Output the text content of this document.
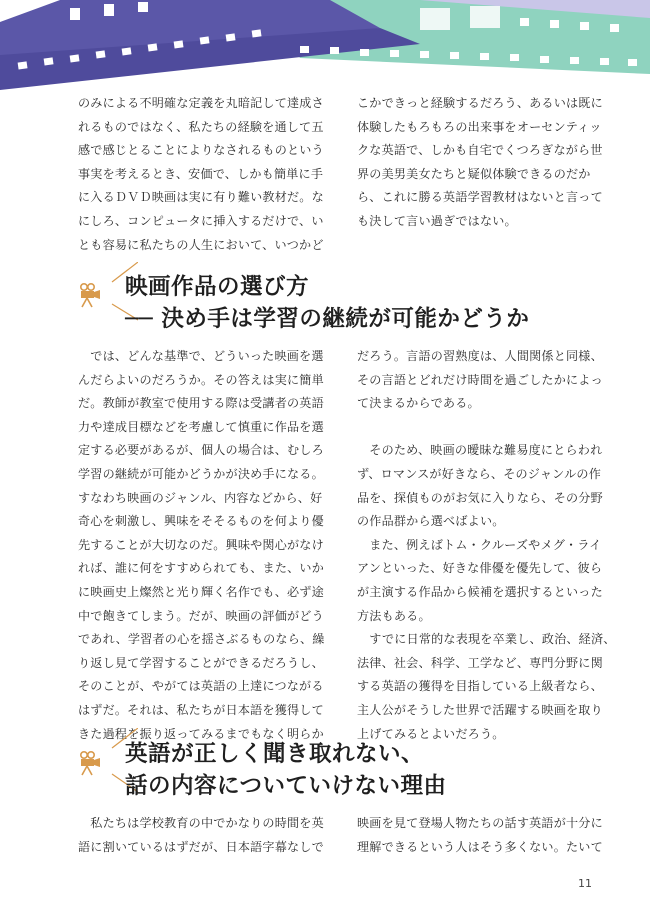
のみによる不明確な定義を丸暗記して達成さ
れるものではなく、私たちの経験を通して五
感で感じとることによりなされるものという
事実を考えるとき、安価で、しかも簡単に手
に入るＤＶＤ映画は実に有り難い教材だ。な
にしろ、コンピュータに挿入するだけで、い
とも容易に私たちの人生において、いつかど
こかできっと経験するだろう、あるいは既に
体験したもろもろの出来事をオーセンティッ
クな英語で、しかも自宅でくつろぎながら世
界の美男美女たちと疑似体験できるのだか
ら、これに勝る英語学習教材はないと言って
も決して言い過ぎではない。
映画作品の選び方
── 決め手は学習の継続が可能かどうか
　では、どんな基準で、どういった映画を選
んだらよいのだろうか。その答えは実に簡単
だ。教師が教室で使用する際は受講者の英語
力や達成目標などを考慮して慎重に作品を選
定する必要があるが、個人の場合は、むしろ
学習の継続が可能かどうかが決め手になる。
すなわち映画のジャンル、内容などから、好
奇心を刺激し、興味をそそるものを何より優
先することが大切なのだ。興味や関心がなけ
れば、誰に何をすすめられても、また、いか
に映画史上燦然と光り輝く名作でも、必ず途
中で飽きてしまう。だが、映画の評価がどう
であれ、学習者の心を揺さぶるものなら、繰
り返し見て学習することができるだろうし、
そのことが、やがては英語の上達につながる
はずだ。それは、私たちが日本語を獲得して
きた過程を振り返ってみるまでもなく明らか
だろう。言語の習熟度は、人間関係と同様、
その言語とどれだけ時間を過ごしたかによっ
て決まるからである。

　そのため、映画の曖昧な難易度にとらわれ
ず、ロマンスが好きなら、そのジャンルの作
品を、探偵ものがお気に入りなら、その分野
の作品群から選べばよい。
　また、例えばトム・クルーズやメグ・ライ
アンといった、好きな俳優を優先して、彼ら
が主演する作品から候補を選択するといった
方法もある。
　すでに日常的な表現を卒業し、政治、経済、
法律、社会、科学、工学など、専門分野に関
する英語の獲得を目指している上級者なら、
主人公がそうした世界で活躍する映画を取り
上げてみるとよいだろう。
英語が正しく聞き取れない、
話の内容についていけない理由
　私たちは学校教育の中でかなりの時間を英
語に割いているはずだが、日本語字幕なしで
映画を見て登場人物たちの話す英語が十分に
理解できるという人はそう多くない。たいて
11
